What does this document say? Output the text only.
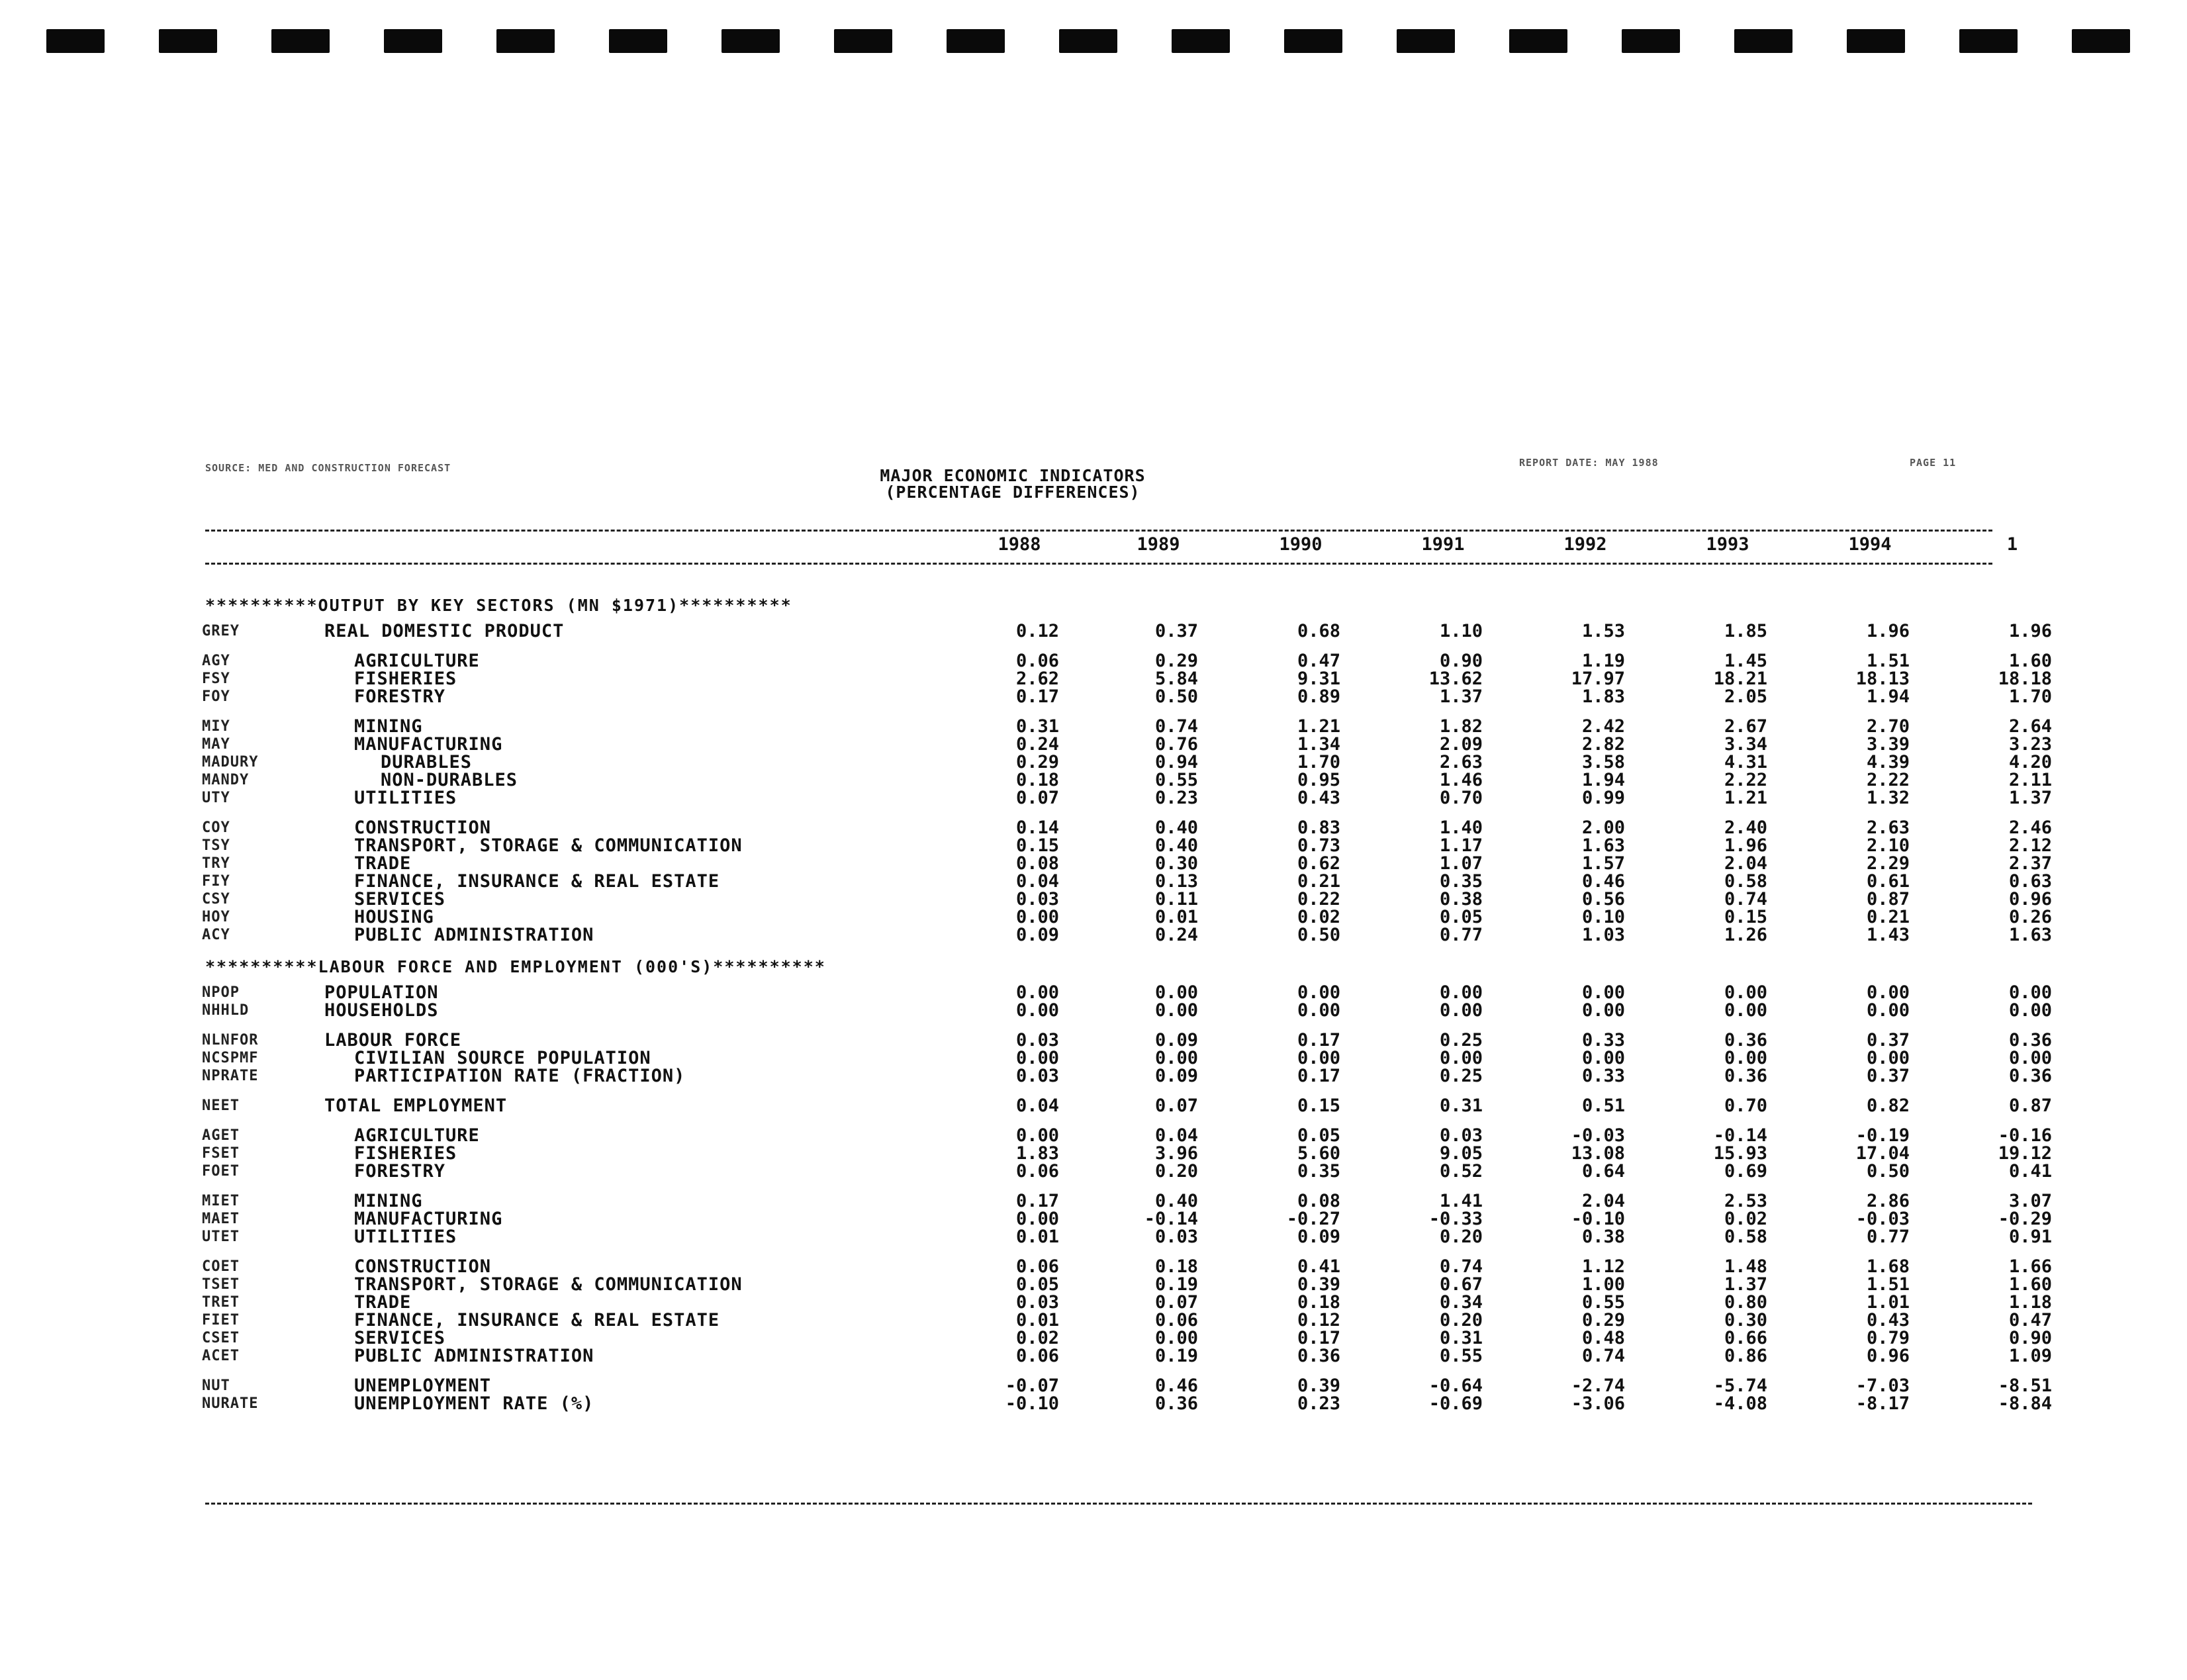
SOURCE: MED AND CONSTRUCTION FORECAST	MAJOR ECONOMIC INDICATORS
(PERCENTAGE DIFFERENCES)
REPORT DATE: MAY 1988	PAGE 11
1988	1989	1990	1991	1992	1993	1994	1
**********OUTPUT BY KEY SECTORS (MN $1971)**********
GREY	REAL DOMESTIC PRODUCT	0.12	0.37	0.68	1.10	1.53	1.85	1.96	1.96
AGY	AGRICULTURE	0.06	0.29	0.47	0.90	1.19	1.45	1.51	1.60
FSY	FISHERIES	2.62	5.84	9.31	13.62	17.97	18.21	18.13	18.18
FOY	FORESTRY	0.17	0.50	0.89	1.37	1.83	2.05	1.94	1.70
MIY	MINING	0.31	0.74	1.21	1.82	2.42	2.67	2.70	2.64
MAY	MANUFACTURING	0.24	0.76	1.34	2.09	2.82	3.34	3.39	3.23
MADURY	DURABLES	0.29	0.94	1.70	2.63	3.58	4.31	4.39	4.20
MANDY	NON-DURABLES	0.18	0.55	0.95	1.46	1.94	2.22	2.22	2.11
UTY	UTILITIES	0.07	0.23	0.43	0.70	0.99	1.21	1.32	1.37
COY	CONSTRUCTION	0.14	0.40	0.83	1.40	2.00	2.40	2.63	2.46
TSY	TRANSPORT, STORAGE & COMMUNICATION	0.15	0.40	0.73	1.17	1.63	1.96	2.10	2.12
TRY	TRADE	0.08	0.30	0.62	1.07	1.57	2.04	2.29	2.37
FIY	FINANCE, INSURANCE & REAL ESTATE	0.04	0.13	0.21	0.35	0.46	0.58	0.61	0.63
CSY	SERVICES	0.03	0.11	0.22	0.38	0.56	0.74	0.87	0.96
HOY	HOUSING	0.00	0.01	0.02	0.05	0.10	0.15	0.21	0.26
ACY	PUBLIC ADMINISTRATION	0.09	0.24	0.50	0.77	1.03	1.26	1.43	1.63
**********LABOUR FORCE AND EMPLOYMENT (000'S)**********
NPOP	POPULATION	0.00	0.00	0.00	0.00	0.00	0.00	0.00	0.00
NHHLD	HOUSEHOLDS	0.00	0.00	0.00	0.00	0.00	0.00	0.00	0.00
NLNFOR	LABOUR FORCE	0.03	0.09	0.17	0.25	0.33	0.36	0.37	0.36
NCSPMF	CIVILIAN SOURCE POPULATION	0.00	0.00	0.00	0.00	0.00	0.00	0.00	0.00
NPRATE	PARTICIPATION RATE (FRACTION)	0.03	0.09	0.17	0.25	0.33	0.36	0.37	0.36
NEET	TOTAL EMPLOYMENT	0.04	0.07	0.15	0.31	0.51	0.70	0.82	0.87
AGET	AGRICULTURE	0.00	0.04	0.05	0.03	-0.03	-0.14	-0.19	-0.16
FSET	FISHERIES	1.83	3.96	5.60	9.05	13.08	15.93	17.04	19.12
FOET	FORESTRY	0.06	0.20	0.35	0.52	0.64	0.69	0.50	0.41
MIET	MINING	0.17	0.40	0.08	1.41	2.04	2.53	2.86	3.07
MAET	MANUFACTURING	0.00	-0.14	-0.27	-0.33	-0.10	0.02	-0.03	-0.29
UTET	UTILITIES	0.01	0.03	0.09	0.20	0.38	0.58	0.77	0.91
COET	CONSTRUCTION	0.06	0.18	0.41	0.74	1.12	1.48	1.68	1.66
TSET	TRANSPORT, STORAGE & COMMUNICATION	0.05	0.19	0.39	0.67	1.00	1.37	1.51	1.60
TRET	TRADE	0.03	0.07	0.18	0.34	0.55	0.80	1.01	1.18
FIET	FINANCE, INSURANCE & REAL ESTATE	0.01	0.06	0.12	0.20	0.29	0.30	0.43	0.47
CSET	SERVICES	0.02	0.00	0.17	0.31	0.48	0.66	0.79	0.90
ACET	PUBLIC ADMINISTRATION	0.06	0.19	0.36	0.55	0.74	0.86	0.96	1.09
NUT	UNEMPLOYMENT	-0.07	0.46	0.39	-0.64	-2.74	-5.74	-7.03	-8.51
NURATE	UNEMPLOYMENT RATE (%)	-0.10	0.36	0.23	-0.69	-3.06	-4.08	-8.17	-8.84
